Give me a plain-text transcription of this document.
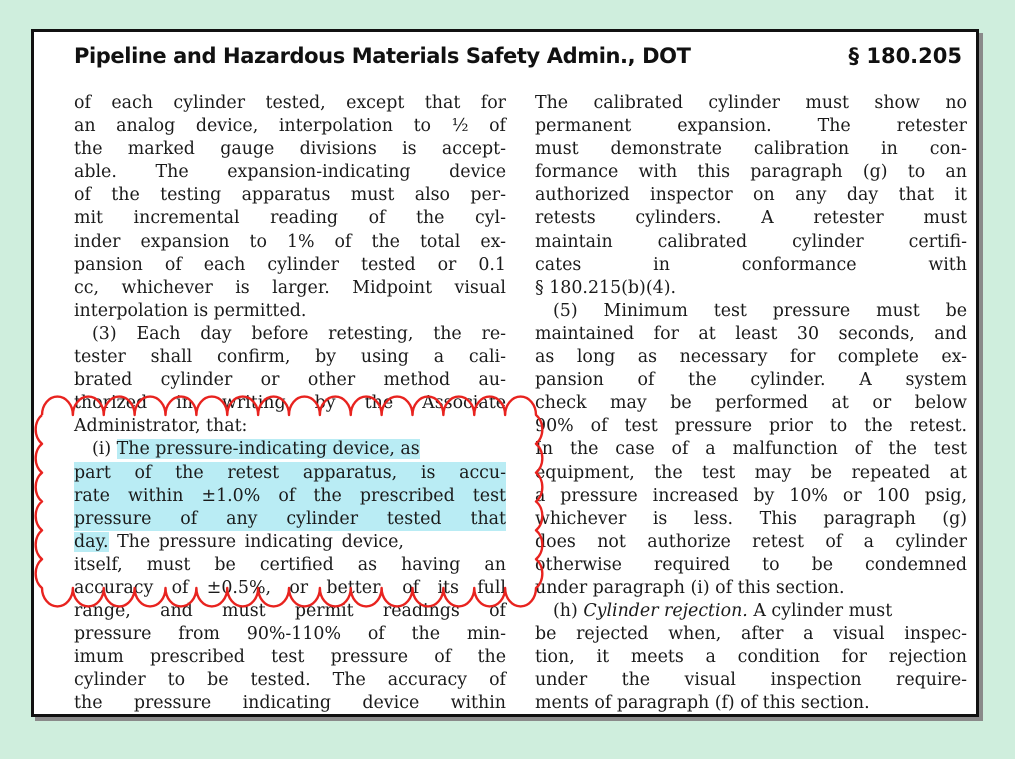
Pipeline and Hazardous Materials Safety Admin., DOT	§ 180.205
of each cylinder tested, except that for
an analog device, interpolation to ½ of
the marked gauge divisions is accept-
able. The expansion-indicating device
of the testing apparatus must also per-
mit incremental reading of the cyl-
inder expansion to 1% of the total ex-
pansion of each cylinder tested or 0.1
cc, whichever is larger. Midpoint visual
interpolation is permitted.
(3) Each day before retesting, the re-
tester shall confirm, by using a cali-
brated cylinder or other method au-
thorized in writing by the Associate
Administrator, that:
(i) The pressure-indicating device, as
part of the retest apparatus, is accu-
rate within ±1.0% of the prescribed test
pressure of any cylinder tested that
day. The pressure indicating device,
itself, must be certified as having an
accuracy of ±0.5%, or better, of its full
range, and must permit readings of
pressure from 90%-110% of the min-
imum prescribed test pressure of the
cylinder to be tested. The accuracy of
the pressure indicating device within
The calibrated cylinder must show no
permanent expansion. The retester
must demonstrate calibration in con-
formance with this paragraph (g) to an
authorized inspector on any day that it
retests cylinders. A retester must
maintain calibrated cylinder certifi-
cates in conformance with
§ 180.215(b)(4).
(5) Minimum test pressure must be
maintained for at least 30 seconds, and
as long as necessary for complete ex-
pansion of the cylinder. A system
check may be performed at or below
90% of test pressure prior to the retest.
In the case of a malfunction of the test
equipment, the test may be repeated at
a pressure increased by 10% or 100 psig,
whichever is less. This paragraph (g)
does not authorize retest of a cylinder
otherwise required to be condemned
under paragraph (i) of this section.
(h) Cylinder rejection. A cylinder must
be rejected when, after a visual inspec-
tion, it meets a condition for rejection
under the visual inspection require-
ments of paragraph (f) of this section.
